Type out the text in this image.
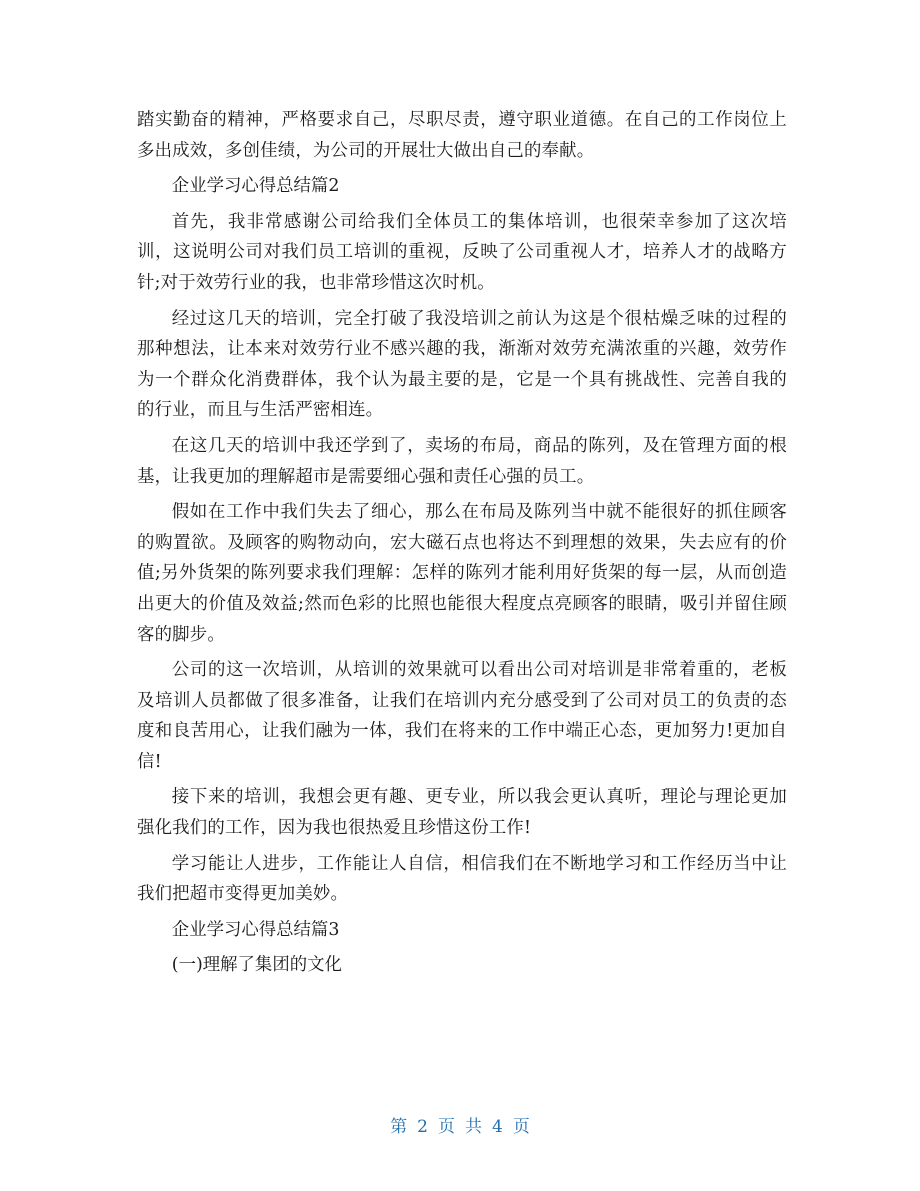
踏实勤奋的精神，严格要求自己，尽职尽责，遵守职业道德。在自己的工作岗位上多出成效，多创佳绩，为公司的开展壮大做出自己的奉献。

企业学习心得总结篇2

首先，我非常感谢公司给我们全体员工的集体培训，也很荣幸参加了这次培训，这说明公司对我们员工培训的重视，反映了公司重视人才，培养人才的战略方针;对于效劳行业的我，也非常珍惜这次时机。

经过这几天的培训，完全打破了我没培训之前认为这是个很枯燥乏味的过程的那种想法，让本来对效劳行业不感兴趣的我，渐渐对效劳充满浓重的兴趣，效劳作为一个群众化消费群体，我个认为最主要的是，它是一个具有挑战性、完善自我的的行业，而且与生活严密相连。

在这几天的培训中我还学到了，卖场的布局，商品的陈列，及在管理方面的根基，让我更加的理解超市是需要细心强和责任心强的员工。

假如在工作中我们失去了细心，那么在布局及陈列当中就不能很好的抓住顾客的购置欲。及顾客的购物动向，宏大磁石点也将达不到理想的效果，失去应有的价值;另外货架的陈列要求我们理解：怎样的陈列才能利用好货架的每一层，从而创造出更大的价值及效益;然而色彩的比照也能很大程度点亮顾客的眼睛，吸引并留住顾客的脚步。

公司的这一次培训，从培训的效果就可以看出公司对培训是非常着重的，老板及培训人员都做了很多准备，让我们在培训内充分感受到了公司对员工的负责的态度和良苦用心，让我们融为一体，我们在将来的工作中端正心态，更加努力!更加自信!

接下来的培训，我想会更有趣、更专业，所以我会更认真听，理论与理论更加强化我们的工作，因为我也很热爱且珍惜这份工作!

学习能让人进步，工作能让人自信，相信我们在不断地学习和工作经历当中让我们把超市变得更加美妙。

企业学习心得总结篇3

(一)理解了集团的文化

第 2 页 共 4 页
